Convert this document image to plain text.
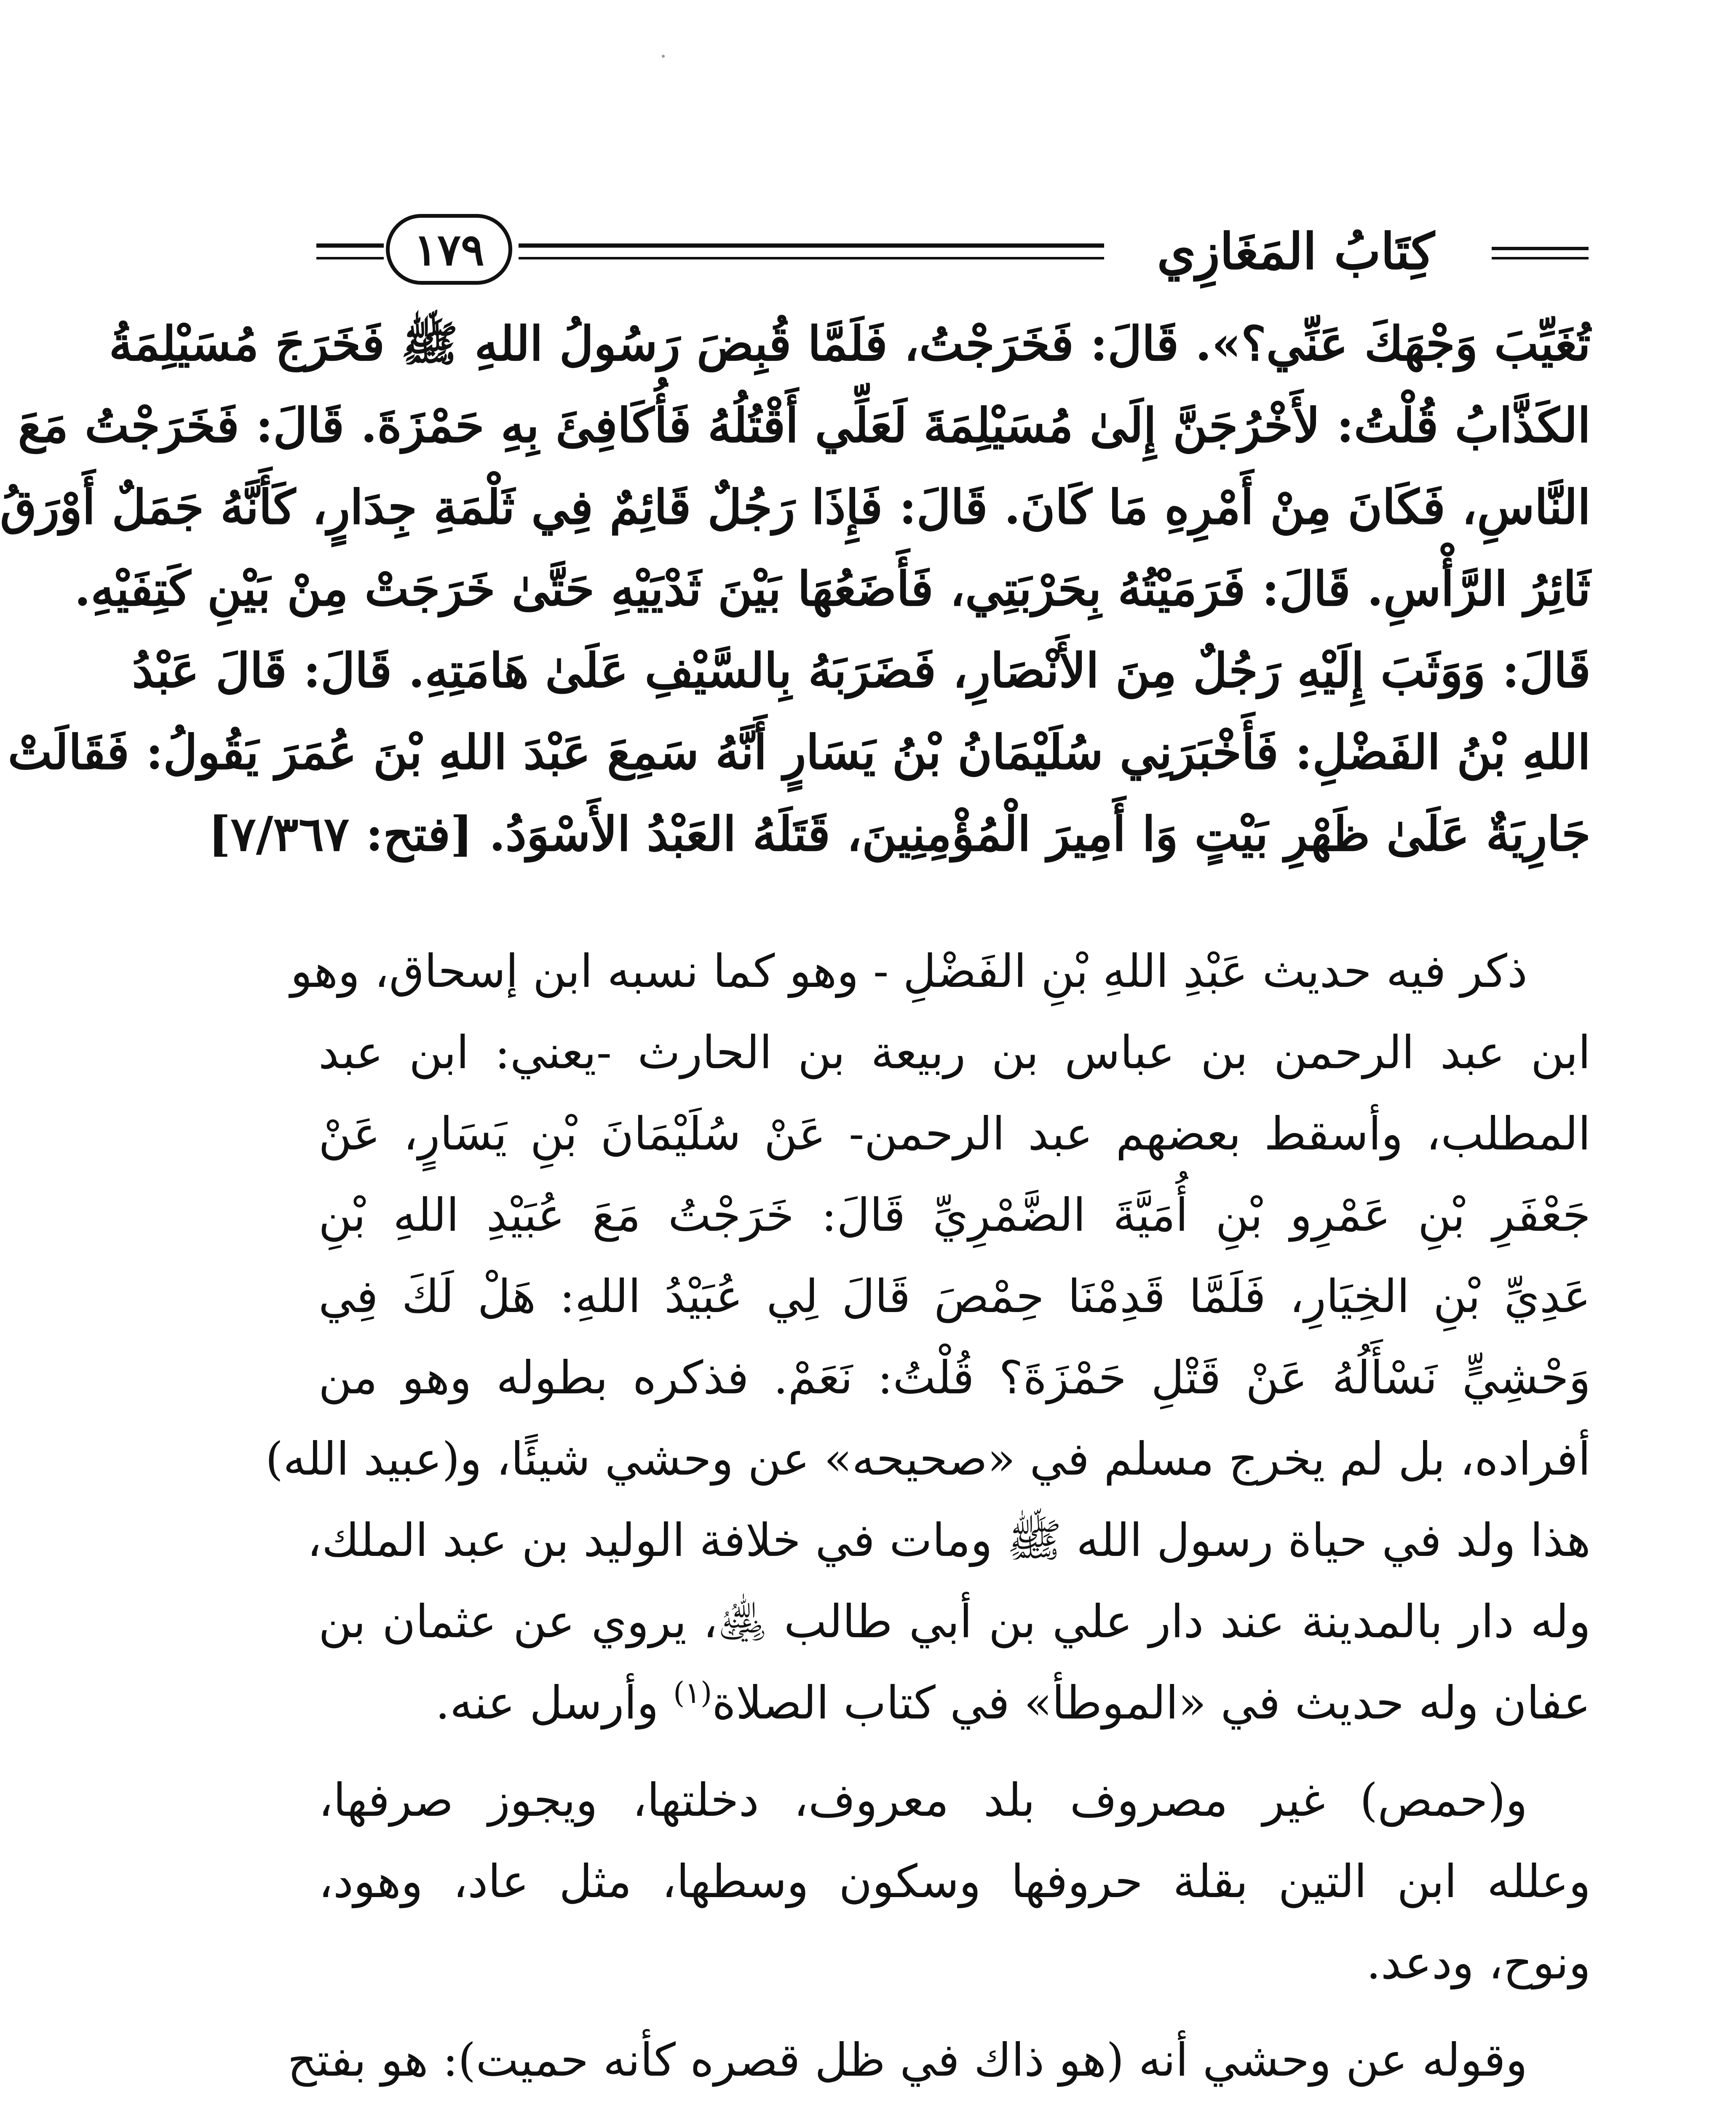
١٧٩	كِتَابُ المَغَازِي
تُغَيِّبَ وَجْهَكَ عَنِّي؟». قَالَ: فَخَرَجْتُ، فَلَمَّا قُبِضَ رَسُولُ اللهِ ﷺ فَخَرَجَ مُسَيْلِمَةُ
الكَذَّابُ قُلْتُ: لأَخْرُجَنَّ إِلَىٰ مُسَيْلِمَةَ لَعَلِّي أَقْتُلُهُ فَأُكَافِئَ بِهِ حَمْزَةَ. قَالَ: فَخَرَجْتُ مَعَ
النَّاسِ، فَكَانَ مِنْ أَمْرِهِ مَا كَانَ. قَالَ: فَإِذَا رَجُلٌ قَائِمٌ فِي ثَلْمَةِ جِدَارٍ، كَأَنَّهُ جَمَلٌ أَوْرَقُ
ثَائِرُ الرَّأْسِ. قَالَ: فَرَمَيْتُهُ بِحَرْبَتِي، فَأَضَعُهَا بَيْنَ ثَدْيَيْهِ حَتَّىٰ خَرَجَتْ مِنْ بَيْنِ كَتِفَيْهِ.
قَالَ: وَوَثَبَ إِلَيْهِ رَجُلٌ مِنَ الأَنْصَارِ، فَضَرَبَهُ بِالسَّيْفِ عَلَىٰ هَامَتِهِ. قَالَ: قَالَ عَبْدُ
اللهِ بْنُ الفَضْلِ: فَأَخْبَرَنِي سُلَيْمَانُ بْنُ يَسَارٍ أَنَّهُ سَمِعَ عَبْدَ اللهِ بْنَ عُمَرَ يَقُولُ: فَقَالَتْ
جَارِيَةٌ عَلَىٰ ظَهْرِ بَيْتٍ وَا أَمِيرَ الْمُؤْمِنِينَ، قَتَلَهُ العَبْدُ الأَسْوَدُ. [فتح: ٧/٣٦٧]
ذكر فيه حديث عَبْدِ اللهِ بْنِ الفَضْلِ - وهو كما نسبه ابن إسحاق، وهو
ابن عبد الرحمن بن عباس بن ربيعة بن الحارث -يعني: ابن عبد
المطلب، وأسقط بعضهم عبد الرحمن- عَنْ سُلَيْمَانَ بْنِ يَسَارٍ، عَنْ
جَعْفَرِ بْنِ عَمْرِو بْنِ أُمَيَّةَ الضَّمْرِيِّ قَالَ: خَرَجْتُ مَعَ عُبَيْدِ اللهِ بْنِ
عَدِيِّ بْنِ الخِيَارِ، فَلَمَّا قَدِمْنَا حِمْصَ قَالَ لِي عُبَيْدُ اللهِ: هَلْ لَكَ فِي
وَحْشِيٍّ نَسْأَلُهُ عَنْ قَتْلِ حَمْزَةَ؟ قُلْتُ: نَعَمْ. فذكره بطوله وهو من
أفراده، بل لم يخرج مسلم في «صحيحه» عن وحشي شيئًا، و(عبيد الله)
هذا ولد في حياة رسول الله ﷺ ومات في خلافة الوليد بن عبد الملك،
وله دار بالمدينة عند دار علي بن أبي طالب ﵁، يروي عن عثمان بن
عفان وله حديث في «الموطأ» في كتاب الصلاة$^{(١)}$ وأرسل عنه.
و(حمص) غير مصروف بلد معروف، دخلتها، ويجوز صرفها،
وعلله ابن التين بقلة حروفها وسكون وسطها، مثل عاد، وهود،
ونوح، ودعد.
وقوله عن وحشي أنه (هو ذاك في ظل قصره كأنه حميت): هو بفتح
